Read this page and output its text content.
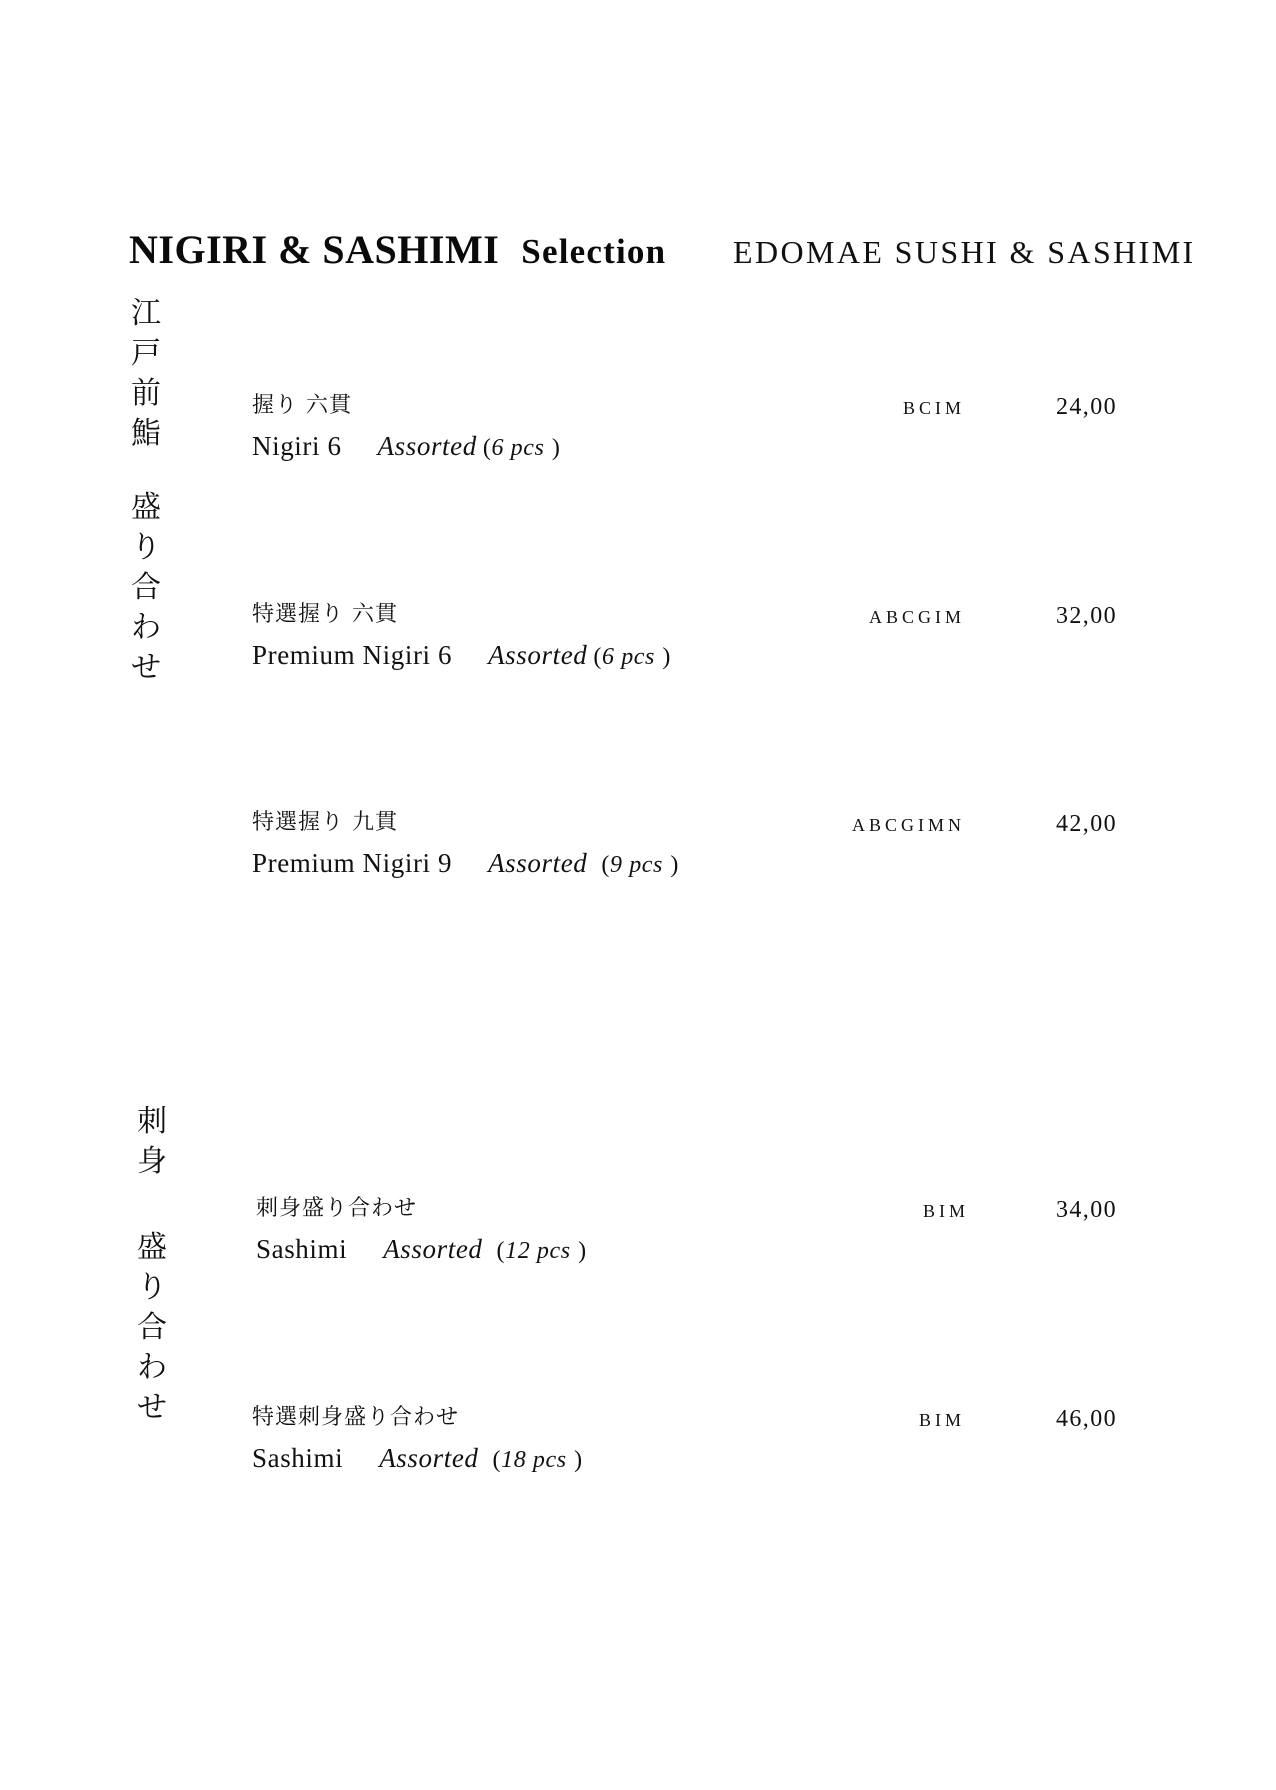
NIGIRI & SASHIMI Selection EDOMAE SUSHI & SASHIMI
江
戸
前
鮨
盛
り
合
わ
せ
握り 六貫
Nigiri 6 Assorted (6 pcs )
BCIM	24,00
特選握り 六貫
Premium Nigiri 6 Assorted (6 pcs )
ABCGIM	32,00
特選握り 九貫
Premium Nigiri 9 Assorted (9 pcs )
ABCGIMN	42,00
刺
身
盛
り
合
わ
せ
刺身盛り合わせ
Sashimi Assorted (12 pcs )
BIM	34,00
特選刺身盛り合わせ
Sashimi Assorted (18 pcs )
BIM	46,00
